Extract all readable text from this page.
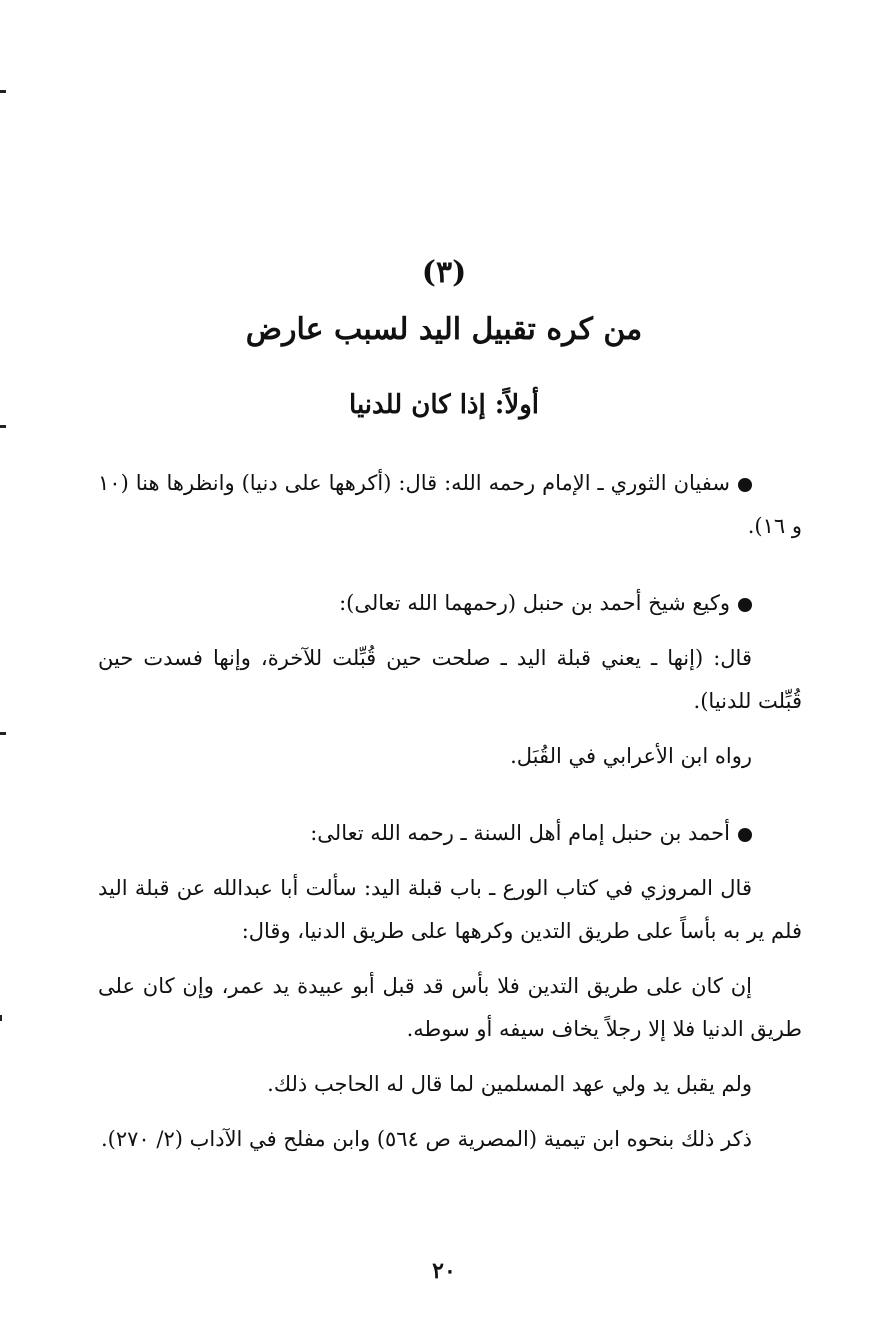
(٣)
من كره تقبيل اليد لسبب عارض
أولاً: إذا كان للدنيا

سفيان الثوري ـ الإمام رحمه الله: قال: (أكرهها على دنيا) وانظرها هنا (١٠ و ١٦).

وكيع شيخ أحمد بن حنبل (رحمهما الله تعالى):

قال: (إنها ـ يعني قبلة اليد ـ صلحت حين قُبِّلت للآخرة، وإنها فسدت حين قُبِّلت للدنيا).

رواه ابن الأعرابي في القُبَل.

أحمد بن حنبل إمام أهل السنة ـ رحمه الله تعالى:

قال المروزي في كتاب الورع ـ باب قبلة اليد: سألت أبا عبدالله عن قبلة اليد فلم ير به بأساً على طريق التدين وكرهها على طريق الدنيا، وقال:

إن كان على طريق التدين فلا بأس قد قبل أبو عبيدة يد عمر، وإن كان على طريق الدنيا فلا إلا رجلاً يخاف سيفه أو سوطه.

ولم يقبل يد ولي عهد المسلمين لما قال له الحاجب ذلك.

ذكر ذلك بنحوه ابن تيمية (المصرية ص ٥٦٤) وابن مفلح في الآداب (٢/ ٢٧٠).

٢٠
